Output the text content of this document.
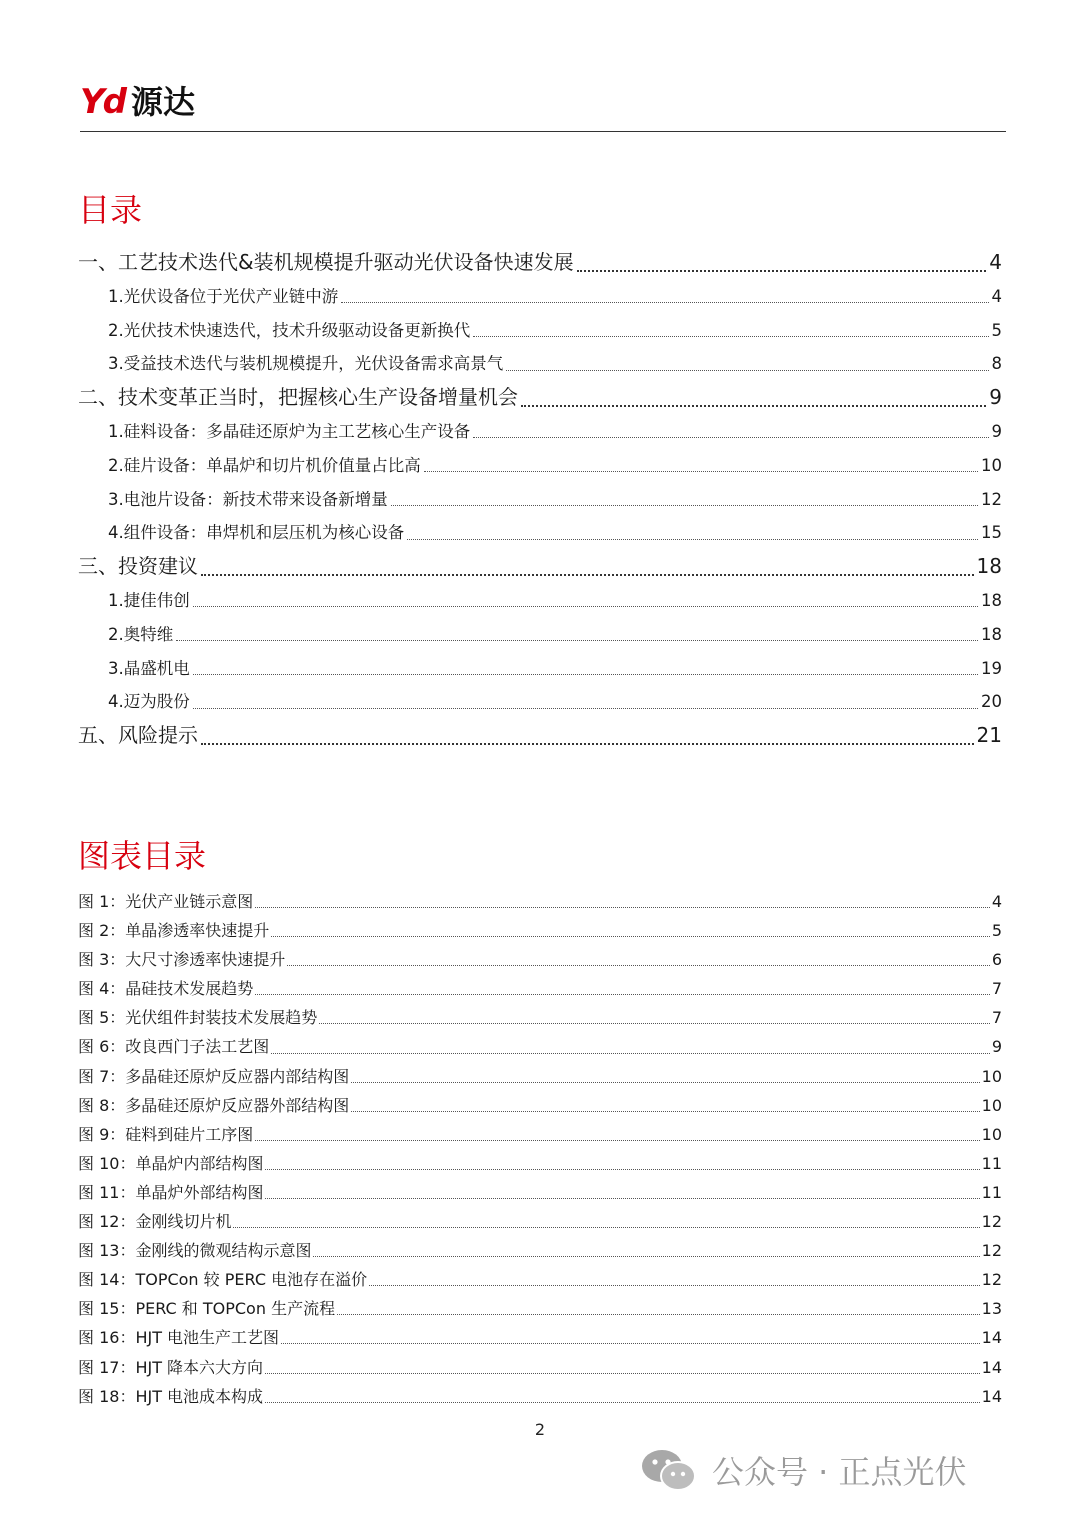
Yd 源达
目录
一、工艺技术迭代&装机规模提升驱动光伏设备快速发展	4
1.光伏设备位于光伏产业链中游	4
2.光伏技术快速迭代，技术升级驱动设备更新换代	5
3.受益技术迭代与装机规模提升，光伏设备需求高景气	8
二、技术变革正当时，把握核心生产设备增量机会	9
1.硅料设备：多晶硅还原炉为主工艺核心生产设备	9
2.硅片设备：单晶炉和切片机价值量占比高	10
3.电池片设备：新技术带来设备新增量	12
4.组件设备：串焊机和层压机为核心设备	15
三、投资建议	18
1.捷佳伟创	18
2.奥特维	18
3.晶盛机电	19
4.迈为股份	20
五、风险提示	21
图表目录
图 1：光伏产业链示意图	4
图 2：单晶渗透率快速提升	5
图 3：大尺寸渗透率快速提升	6
图 4：晶硅技术发展趋势	7
图 5：光伏组件封装技术发展趋势	7
图 6：改良西门子法工艺图	9
图 7：多晶硅还原炉反应器内部结构图	10
图 8：多晶硅还原炉反应器外部结构图	10
图 9：硅料到硅片工序图	10
图 10：单晶炉内部结构图	11
图 11：单晶炉外部结构图	11
图 12：金刚线切片机	12
图 13：金刚线的微观结构示意图	12
图 14：TOPCon 较 PERC 电池存在溢价	12
图 15：PERC 和 TOPCon 生产流程	13
图 16：HJT 电池生产工艺图	14
图 17：HJT 降本六大方向	14
图 18：HJT 电池成本构成	14
2
公众号 · 正点光伏
